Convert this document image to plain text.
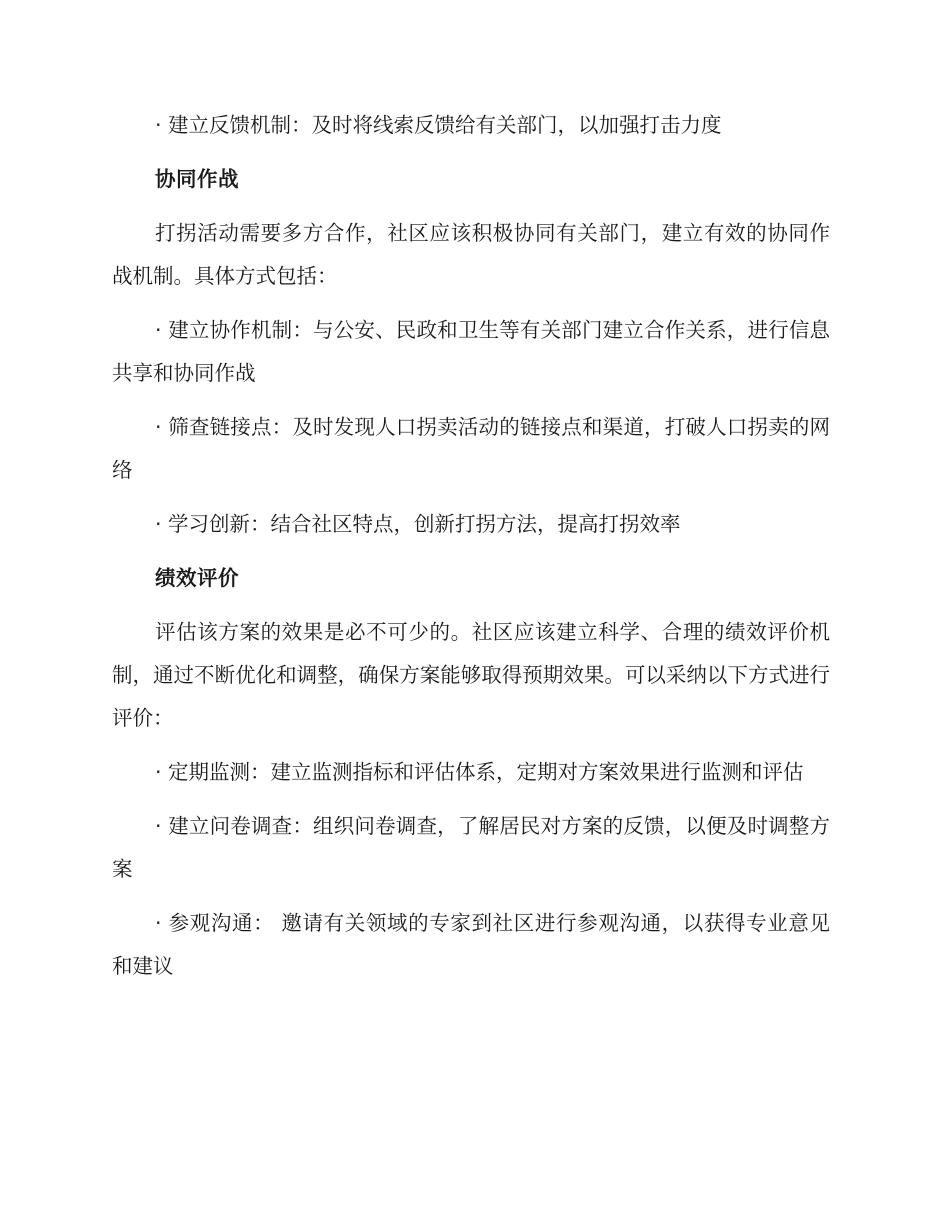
· 建立反馈机制：及时将线索反馈给有关部门，以加强打击力度

协同作战

打拐活动需要多方合作，社区应该积极协同有关部门，建立有效的协同作战机制。具体方式包括：

· 建立协作机制：与公安、民政和卫生等有关部门建立合作关系，进行信息共享和协同作战

· 筛查链接点：及时发现人口拐卖活动的链接点和渠道，打破人口拐卖的网络

· 学习创新：结合社区特点，创新打拐方法，提高打拐效率

绩效评价

评估该方案的效果是必不可少的。社区应该建立科学、合理的绩效评价机制，通过不断优化和调整，确保方案能够取得预期效果。可以采纳以下方式进行评价：

· 定期监测：建立监测指标和评估体系，定期对方案效果进行监测和评估

· 建立问卷调查：组织问卷调查，了解居民对方案的反馈，以便及时调整方案

· 参观沟通： 邀请有关领域的专家到社区进行参观沟通，以获得专业意见和建议
